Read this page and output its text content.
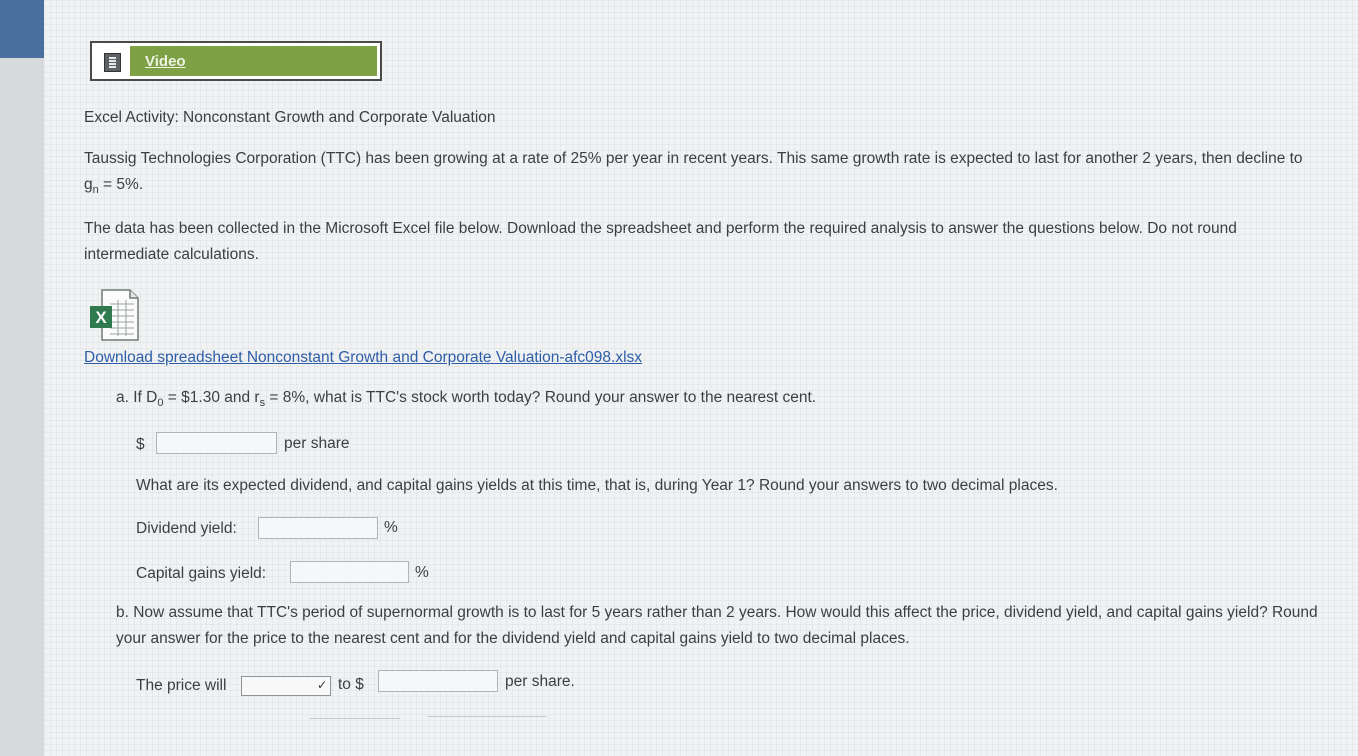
Video
Excel Activity: Nonconstant Growth and Corporate Valuation
Taussig Technologies Corporation (TTC) has been growing at a rate of 25% per year in recent years. This same growth rate is expected to last for another 2 years, then decline to $g_n = 5\%$.
The data has been collected in the Microsoft Excel file below. Download the spreadsheet and perform the required analysis to answer the questions below. Do not round intermediate calculations.
X
Download spreadsheet Nonconstant Growth and Corporate Valuation-afc098.xlsx
a. If $D_0$ = $1.30 and $r_s = 8\%$, what is TTC's stock worth today? Round your answer to the nearest cent.
$	per share
What are its expected dividend, and capital gains yields at this time, that is, during Year 1? Round your answers to two decimal places.
Dividend yield:	%
Capital gains yield:	%
b. Now assume that TTC's period of supernormal growth is to last for 5 years rather than 2 years. How would this affect the price, dividend yield, and capital gains yield? Round your answer for the price to the nearest cent and for the dividend yield and capital gains yield to two decimal places.
The price will	✓ to $	per share.
